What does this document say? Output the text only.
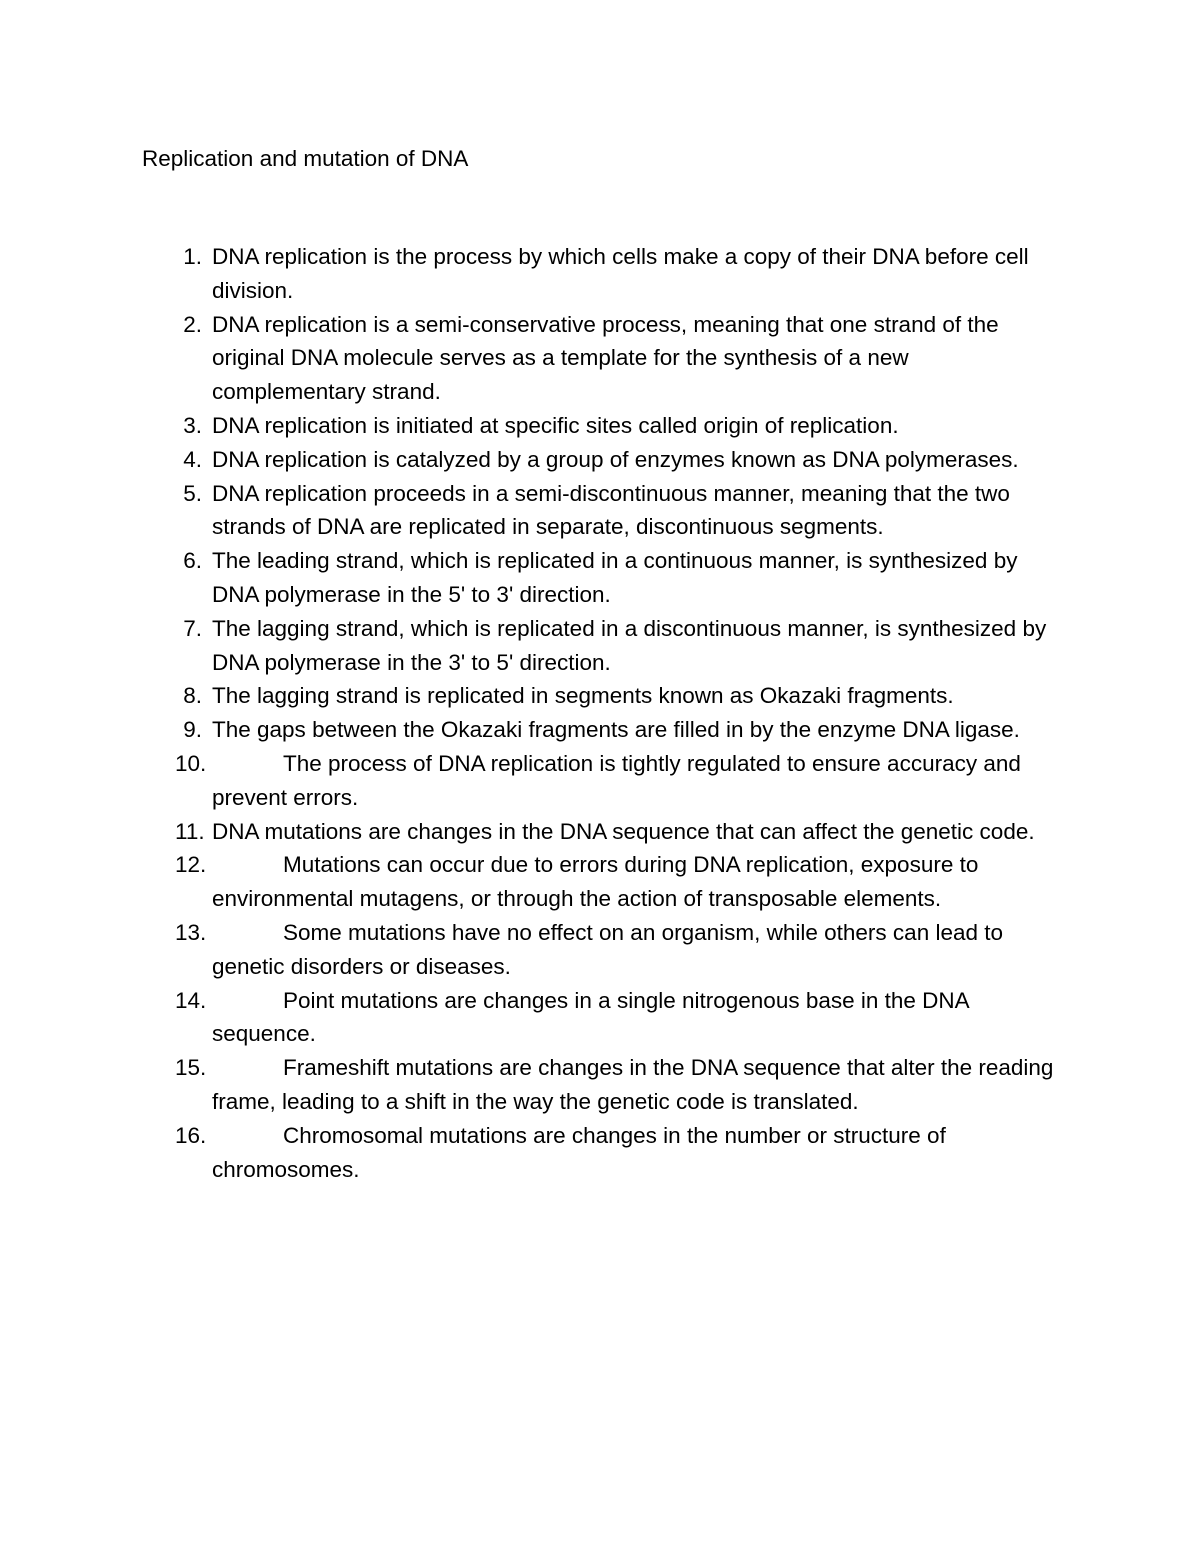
Replication and mutation of DNA
1. DNA replication is the process by which cells make a copy of their DNA before cell division.
2. DNA replication is a semi-conservative process, meaning that one strand of the original DNA molecule serves as a template for the synthesis of a new complementary strand.
3. DNA replication is initiated at specific sites called origin of replication.
4. DNA replication is catalyzed by a group of enzymes known as DNA polymerases.
5. DNA replication proceeds in a semi-discontinuous manner, meaning that the two strands of DNA are replicated in separate, discontinuous segments.
6. The leading strand, which is replicated in a continuous manner, is synthesized by DNA polymerase in the 5' to 3' direction.
7. The lagging strand, which is replicated in a discontinuous manner, is synthesized by DNA polymerase in the 3' to 5' direction.
8. The lagging strand is replicated in segments known as Okazaki fragments.
9. The gaps between the Okazaki fragments are filled in by the enzyme DNA ligase.
10.	The process of DNA replication is tightly regulated to ensure accuracy and prevent errors.
11. DNA mutations are changes in the DNA sequence that can affect the genetic code.
12.	Mutations can occur due to errors during DNA replication, exposure to environmental mutagens, or through the action of transposable elements.
13.	Some mutations have no effect on an organism, while others can lead to genetic disorders or diseases.
14.	Point mutations are changes in a single nitrogenous base in the DNA sequence.
15.	Frameshift mutations are changes in the DNA sequence that alter the reading frame, leading to a shift in the way the genetic code is translated.
16.	Chromosomal mutations are changes in the number or structure of chromosomes.
